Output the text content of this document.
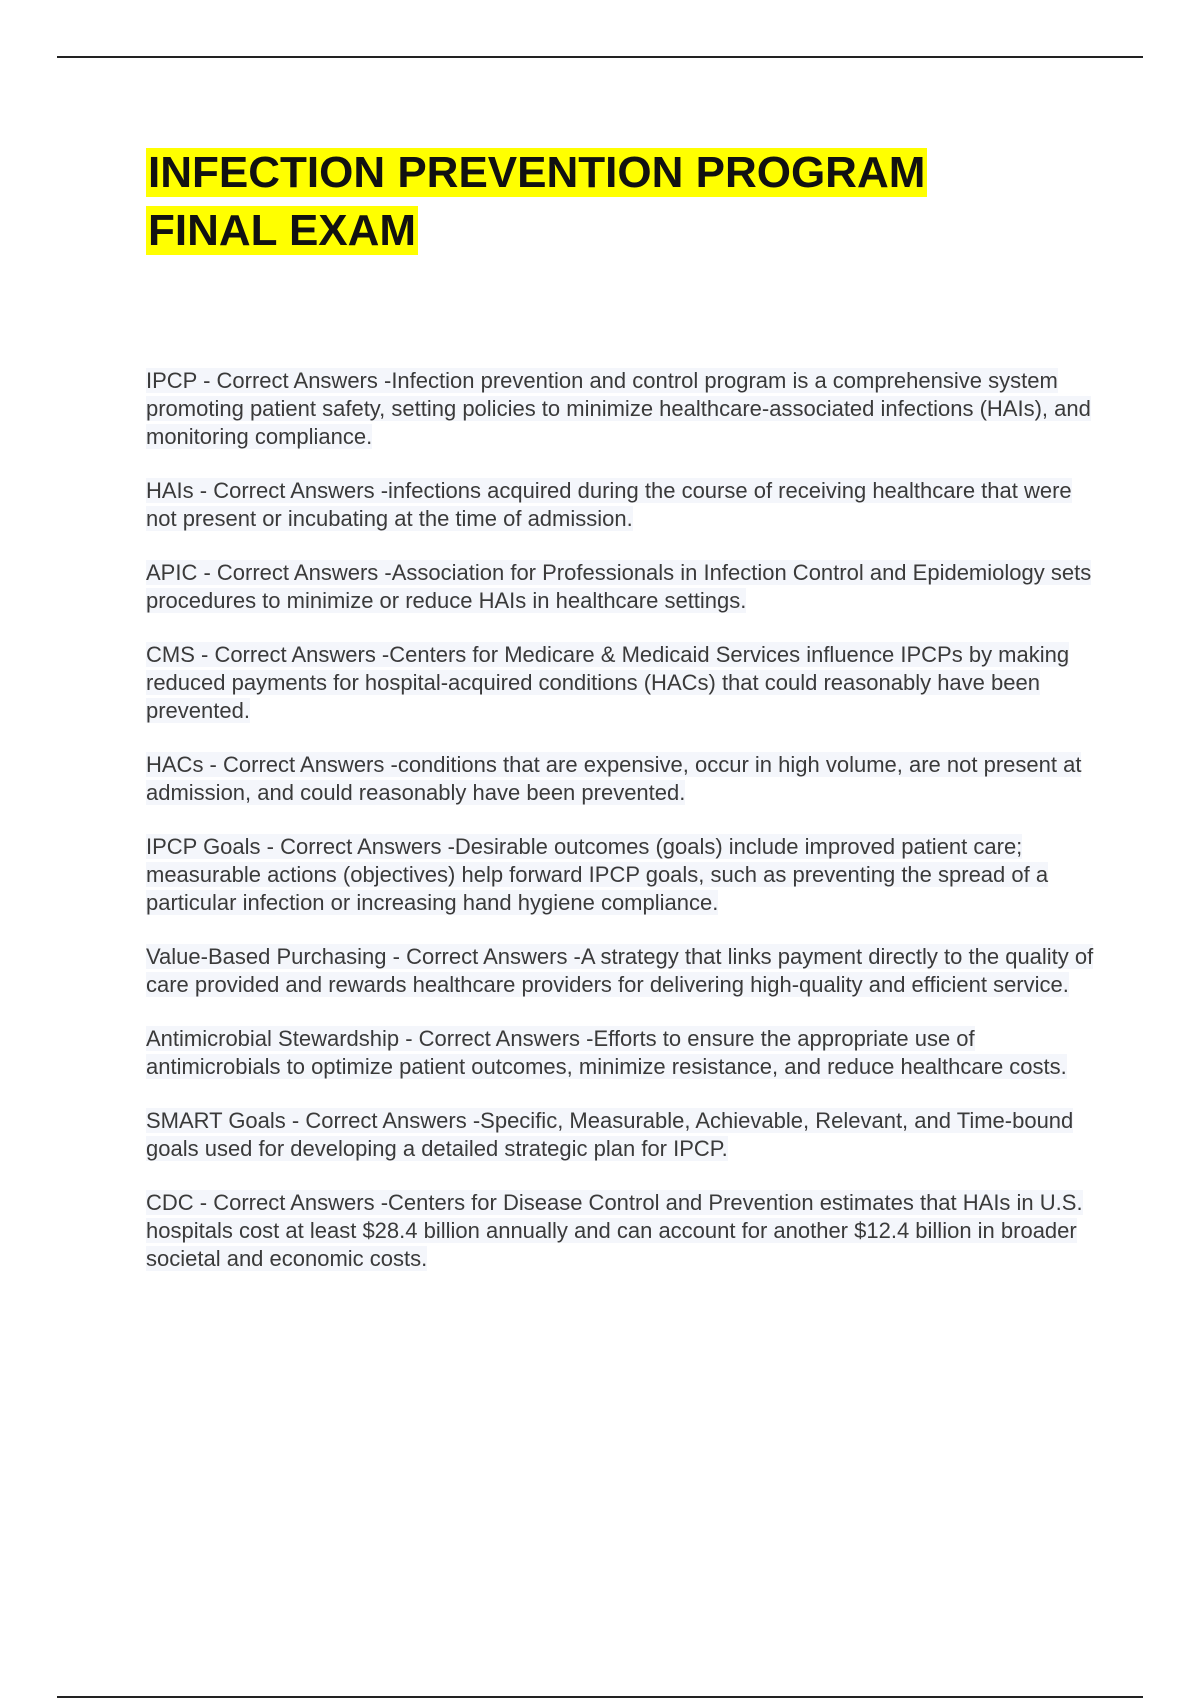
INFECTION PREVENTION PROGRAM FINAL EXAM
IPCP - Correct Answers -Infection prevention and control program is a comprehensive system promoting patient safety, setting policies to minimize healthcare-associated infections (HAIs), and monitoring compliance.
HAIs - Correct Answers -infections acquired during the course of receiving healthcare that were not present or incubating at the time of admission.
APIC - Correct Answers -Association for Professionals in Infection Control and Epidemiology sets procedures to minimize or reduce HAIs in healthcare settings.
CMS - Correct Answers -Centers for Medicare & Medicaid Services influence IPCPs by making reduced payments for hospital-acquired conditions (HACs) that could reasonably have been prevented.
HACs - Correct Answers -conditions that are expensive, occur in high volume, are not present at admission, and could reasonably have been prevented.
IPCP Goals - Correct Answers -Desirable outcomes (goals) include improved patient care; measurable actions (objectives) help forward IPCP goals, such as preventing the spread of a particular infection or increasing hand hygiene compliance.
Value-Based Purchasing - Correct Answers -A strategy that links payment directly to the quality of care provided and rewards healthcare providers for delivering high-quality and efficient service.
Antimicrobial Stewardship - Correct Answers -Efforts to ensure the appropriate use of antimicrobials to optimize patient outcomes, minimize resistance, and reduce healthcare costs.
SMART Goals - Correct Answers -Specific, Measurable, Achievable, Relevant, and Time-bound goals used for developing a detailed strategic plan for IPCP.
CDC - Correct Answers -Centers for Disease Control and Prevention estimates that HAIs in U.S. hospitals cost at least $28.4 billion annually and can account for another $12.4 billion in broader societal and economic costs.
